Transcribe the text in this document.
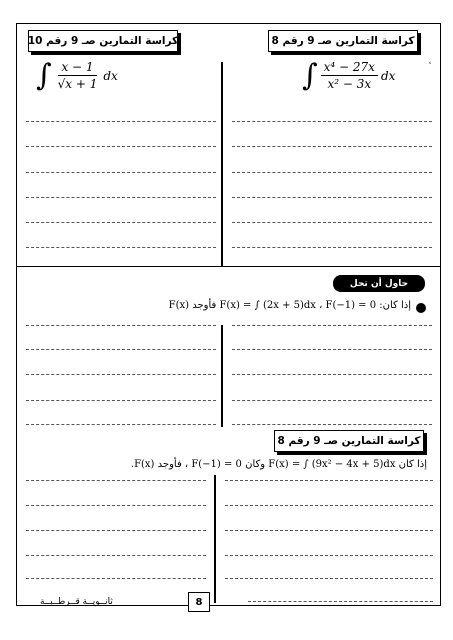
كراسة التمارين صـ 9 رقم 8
كراسة التمارين صـ 9 رقم 10
∫ $\frac{\text{x⁴ − 27x}}{\text{x² − 3x}}$ dx
∫ $\frac{x - 1}{√x + 1}$ dx
حاول أن تحل
إذا كان: F(x) = ∫ (2x + 5)dx ، F(−1) = 0 فأوجد F(x)
كراسة التمارين صـ 9 رقم 8
إذا كان F(x) = ∫ (9x² − 4x + 5)dx وكان F(−1) = 0 ، فأوجد F(x).
8
ثانــويــة قــرطــبــة
